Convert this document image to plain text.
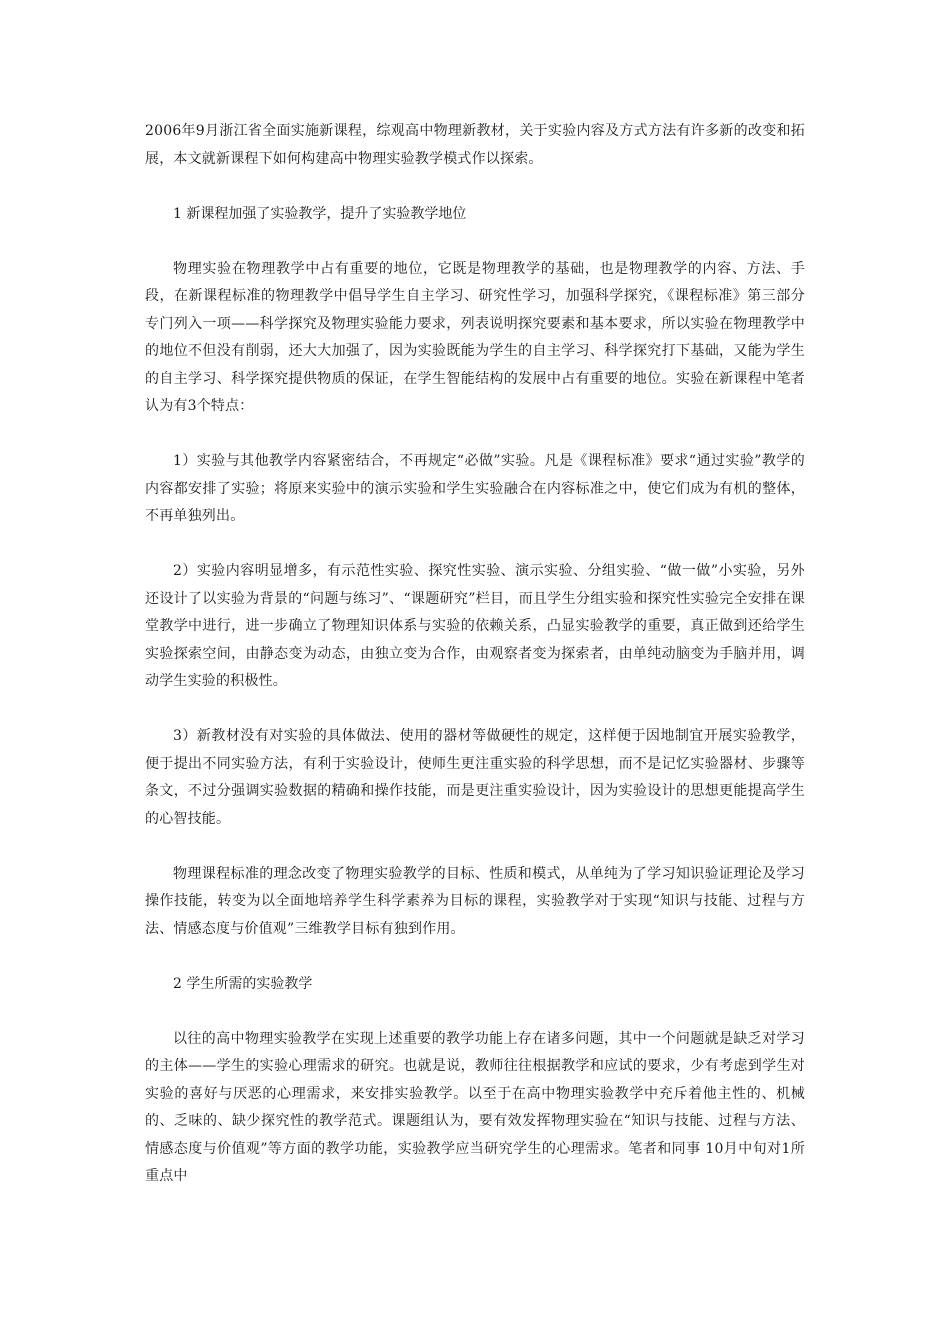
2006年9月浙江省全面实施新课程，综观高中物理新教材，关于实验内容及方式方法有许多新的改变和拓展，本文就新课程下如何构建高中物理实验教学模式作以探索。

1 新课程加强了实验教学，提升了实验教学地位

物理实验在物理教学中占有重要的地位，它既是物理教学的基础，也是物理教学的内容、方法、手段，在新课程标准的物理教学中倡导学生自主学习、研究性学习，加强科学探究，《课程标准》第三部分专门列入一项——科学探究及物理实验能力要求，列表说明探究要素和基本要求，所以实验在物理教学中的地位不但没有削弱，还大大加强了，因为实验既能为学生的自主学习、科学探究打下基础，又能为学生的自主学习、科学探究提供物质的保证，在学生智能结构的发展中占有重要的地位。实验在新课程中笔者认为有3个特点：

1）实验与其他教学内容紧密结合，不再规定“必做”实验。凡是《课程标准》要求“通过实验”教学的内容都安排了实验；将原来实验中的演示实验和学生实验融合在内容标准之中，使它们成为有机的整体，不再单独列出。

2）实验内容明显增多，有示范性实验、探究性实验、演示实验、分组实验、“做一做”小实验，另外还设计了以实验为背景的“问题与练习”、“课题研究”栏目，而且学生分组实验和探究性实验完全安排在课堂教学中进行，进一步确立了物理知识体系与实验的依赖关系，凸显实验教学的重要，真正做到还给学生实验探索空间，由静态变为动态，由独立变为合作，由观察者变为探索者，由单纯动脑变为手脑并用，调动学生实验的积极性。

3）新教材没有对实验的具体做法、使用的器材等做硬性的规定，这样便于因地制宜开展实验教学，便于提出不同实验方法，有利于实验设计，使师生更注重实验的科学思想，而不是记忆实验器材、步骤等条文，不过分强调实验数据的精确和操作技能，而是更注重实验设计，因为实验设计的思想更能提高学生的心智技能。

物理课程标准的理念改变了物理实验教学的目标、性质和模式，从单纯为了学习知识验证理论及学习操作技能，转变为以全面地培养学生科学素养为目标的课程，实验教学对于实现“知识与技能、过程与方法、情感态度与价值观”三维教学目标有独到作用。

2 学生所需的实验教学

以往的高中物理实验教学在实现上述重要的教学功能上存在诸多问题，其中一个问题就是缺乏对学习的主体——学生的实验心理需求的研究。也就是说，教师往往根据教学和应试的要求，少有考虑到学生对实验的喜好与厌恶的心理需求，来安排实验教学。以至于在高中物理实验教学中充斥着他主性的、机械的、乏味的、缺少探究性的教学范式。课题组认为，要有效发挥物理实验在“知识与技能、过程与方法、情感态度与价值观”等方面的教学功能，实验教学应当研究学生的心理需求。笔者和同事 10月中旬对1所重点中
